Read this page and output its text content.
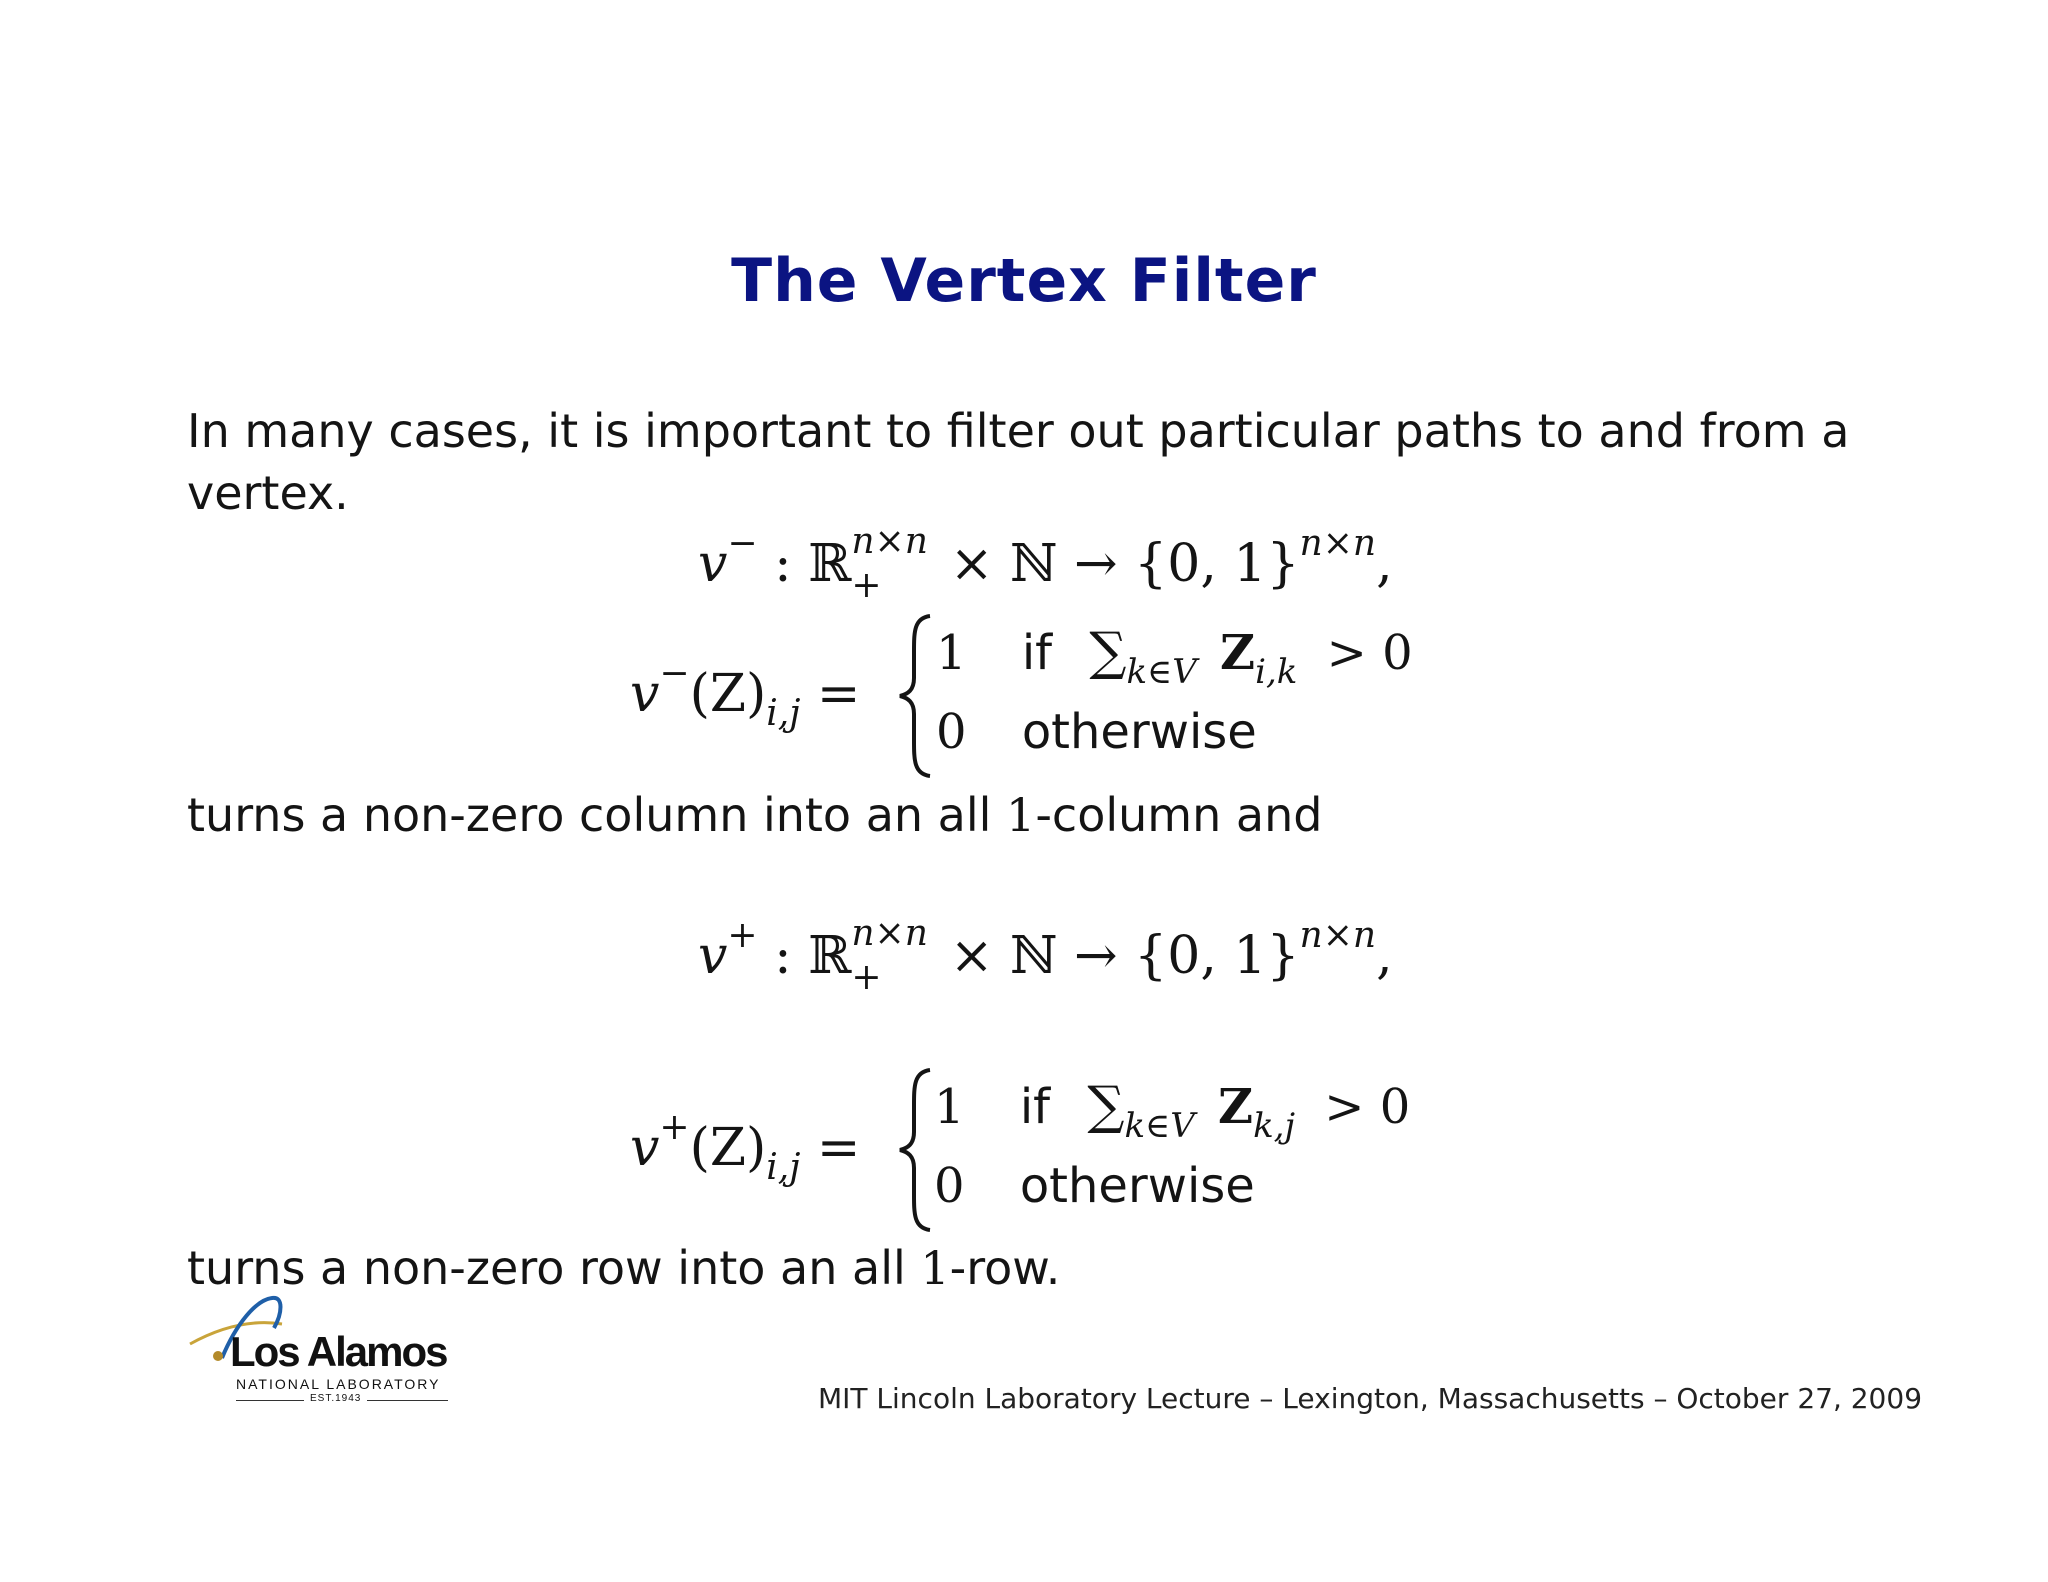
The Vertex Filter
In many cases, it is important to filter out particular paths to and from a
vertex.
v− : ℝ n×n
+ × ℕ → {0, 1}$^{n\times n}$,
$v^-(Z)_{i,j}$ =
1 if $\sum_{k\in V}$ $Z_{i,k} > 0$
0 otherwise
turns a non-zero column into an all 1-column and
v+ : ℝ n×n
+ × ℕ → {0, 1}$^{n\times n}$,
$v^+(Z)_{i,j}$ =
1 if $\sum_{k\in V}$ $Z_{k,j} > 0$
0 otherwise
turns a non-zero row into an all 1-row.
Los Alamos
NATIONAL LABORATORY
EST.1943	MIT Lincoln Laboratory Lecture – Lexington, Massachusetts – October 27, 2009
